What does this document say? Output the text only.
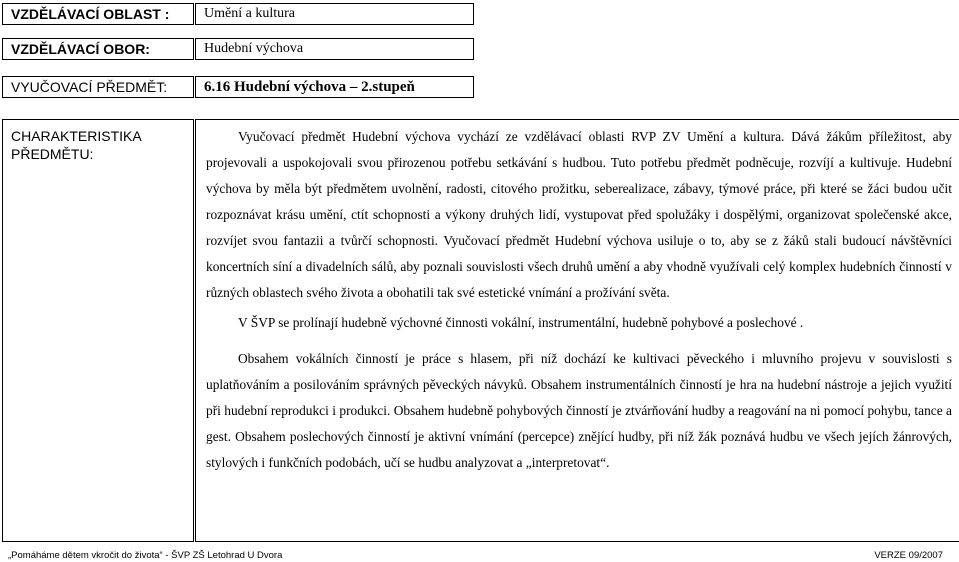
VZDĚLÁVACÍ OBLAST : Umění a kultura
VZDĚLÁVACÍ OBOR:	Hudební výchova
VYUČOVACÍ PŘEDMĚT: 6.16 Hudební výchova – 2.stupeň
CHARAKTERISTIKA PŘEDMĚTU:

Vyučovací předmět Hudební výchova vychází ze vzdělávací oblasti RVP ZV Umění a kultura. Dává žákům příležitost, aby projevovali a uspokojovali svou přirozenou potřebu setkávání s hudbou. Tuto potřebu předmět podněcuje, rozvíjí a kultivuje. Hudební výchova by měla být předmětem uvolnění, radosti, citového prožitku, seberealizace, zábavy, týmové práce, při které se žáci budou učit rozpoznávat krásu umění, ctít schopnosti a výkony druhých lidí, vystupovat před spolužáky i dospělými, organizovat společenské akce, rozvíjet svou fantazii a tvůrčí schopnosti. Vyučovací předmět Hudební výchova usiluje o to, aby se z žáků stali budoucí návštěvníci koncertních síní a divadelních sálů, aby poznali souvislosti všech druhů umění a aby vhodně využívali celý komplex hudebních činností v různých oblastech svého života a obohatili tak své estetické vnímání a prožívání světa.

V ŠVP se prolínají hudebně výchovné činnosti vokální, instrumentální, hudebně pohybové a poslechové .

Obsahem vokálních činností je práce s hlasem, při níž dochází ke kultivaci pěveckého i mluvního projevu v souvislosti s uplatňováním a posilováním správných pěveckých návyků. Obsahem instrumentálních činností je hra na hudební nástroje a jejich využití při hudební reprodukci i produkci. Obsahem hudebně pohybových činností je ztvárňování hudby a reagování na ni pomocí pohybu, tance a gest. Obsahem poslechových činností je aktivní vnímání (percepce) znějící hudby, při níž žák poznává hudbu ve všech jejích žánrových, stylových i funkčních podobách, učí se hudbu analyzovat a „interpretovat“.

„Pomáháme dětem vkročit do života“ - ŠVP ZŠ Letohrad U Dvora	VERZE 09/2007
